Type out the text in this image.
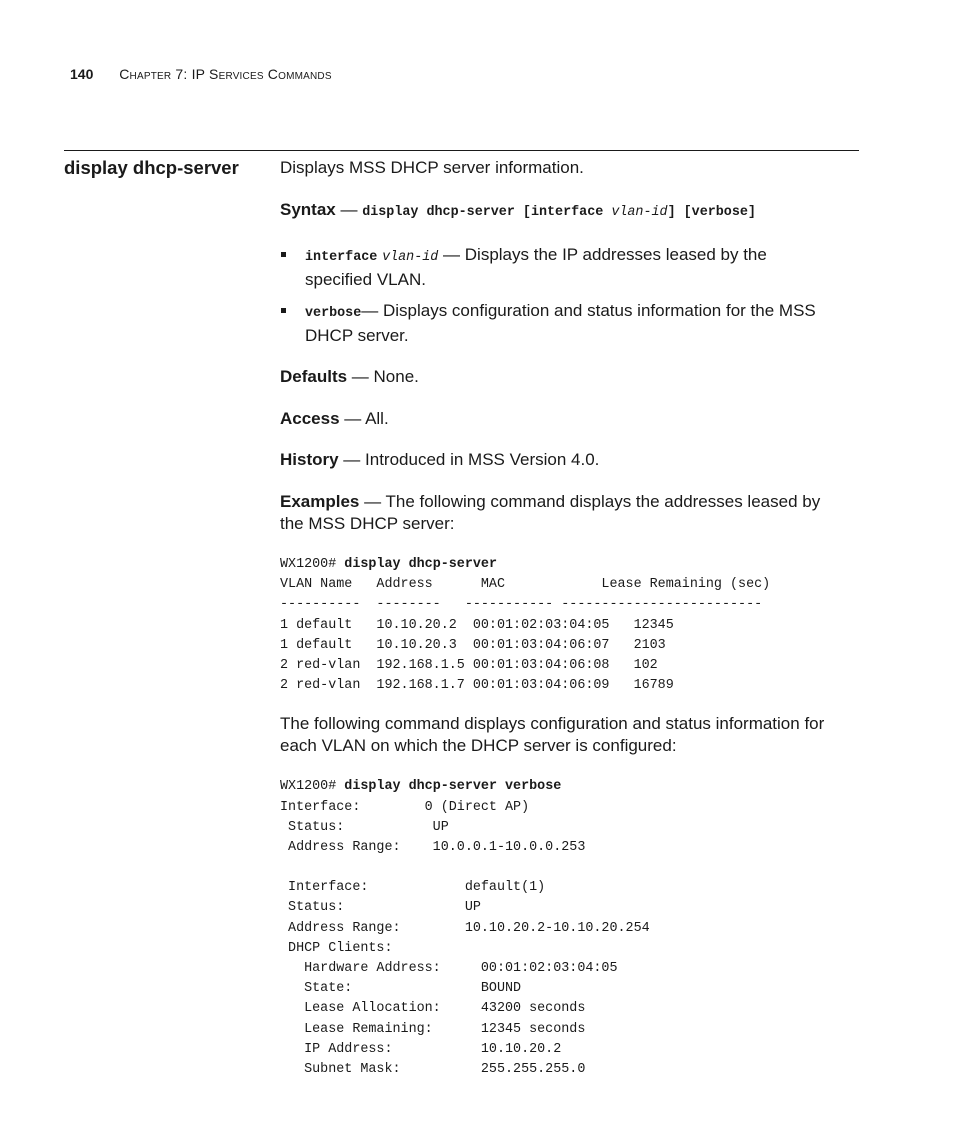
140 Chapter 7: IP Services Commands
display dhcp-server Displays MSS DHCP server information.
Syntax — display dhcp-server [interface vlan-id] [verbose]
interface vlan-id — Displays the IP addresses leased by the
specified VLAN.
verbose— Displays configuration and status information for the MSS
DHCP server.
Defaults — None.
Access — All.
History — Introduced in MSS Version 4.0.
Examples — The following command displays the addresses leased by
the MSS DHCP server:
WX1200# display dhcp-server
VLAN Name   Address      MAC            Lease Remaining (sec)
----------  --------   ----------- -------------------------
1 default   10.10.20.2  00:01:02:03:04:05   12345
1 default   10.10.20.3  00:01:03:04:06:07   2103
2 red-vlan  192.168.1.5 00:01:03:04:06:08   102
2 red-vlan  192.168.1.7 00:01:03:04:06:09   16789
The following command displays configuration and status information for
each VLAN on which the DHCP server is configured:
WX1200# display dhcp-server verbose
Interface:        0 (Direct AP)
Status:           UP
Address Range:    10.0.0.1-10.0.0.253
Interface:            default(1)
Status:               UP
Address Range:        10.10.20.2-10.10.20.254
DHCP Clients:
Hardware Address:     00:01:02:03:04:05
State:                BOUND
Lease Allocation:     43200 seconds
Lease Remaining:      12345 seconds
IP Address:           10.10.20.2
Subnet Mask:          255.255.255.0
